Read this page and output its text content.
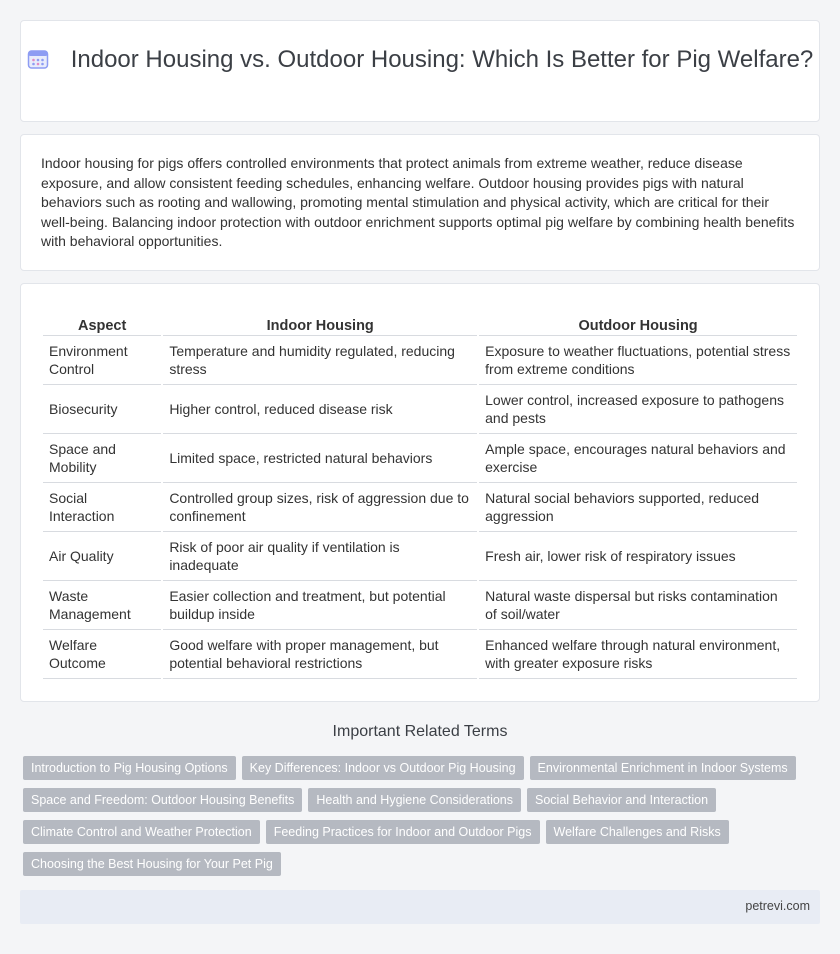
Indoor Housing vs. Outdoor Housing: Which Is Better for Pig Welfare?

Indoor housing for pigs offers controlled environments that protect animals from extreme weather, reduce disease exposure, and allow consistent feeding schedules, enhancing welfare. Outdoor housing provides pigs with natural behaviors such as rooting and wallowing, promoting mental stimulation and physical activity, which are critical for their well-being. Balancing indoor protection with outdoor enrichment supports optimal pig welfare by combining health benefits with behavioral opportunities.

Aspect	Indoor Housing	Outdoor Housing
Environment Control	Temperature and humidity regulated, reducing stress	Exposure to weather fluctuations, potential stress from extreme conditions
Biosecurity	Higher control, reduced disease risk	Lower control, increased exposure to pathogens and pests
Space and Mobility	Limited space, restricted natural behaviors	Ample space, encourages natural behaviors and exercise
Social Interaction	Controlled group sizes, risk of aggression due to confinement	Natural social behaviors supported, reduced aggression
Air Quality	Risk of poor air quality if ventilation is inadequate	Fresh air, lower risk of respiratory issues
Waste Management	Easier collection and treatment, but potential buildup inside	Natural waste dispersal but risks contamination of soil/water
Welfare Outcome	Good welfare with proper management, but potential behavioral restrictions	Enhanced welfare through natural environment, with greater exposure risks
Important Related Terms
Introduction to Pig Housing Options	Key Differences: Indoor vs Outdoor Pig Housing	Environmental Enrichment in Indoor Systems
Space and Freedom: Outdoor Housing Benefits	Health and Hygiene Considerations	Social Behavior and Interaction
Climate Control and Weather Protection	Feeding Practices for Indoor and Outdoor Pigs	Welfare Challenges and Risks
Choosing the Best Housing for Your Pet Pig
petrevi.com
